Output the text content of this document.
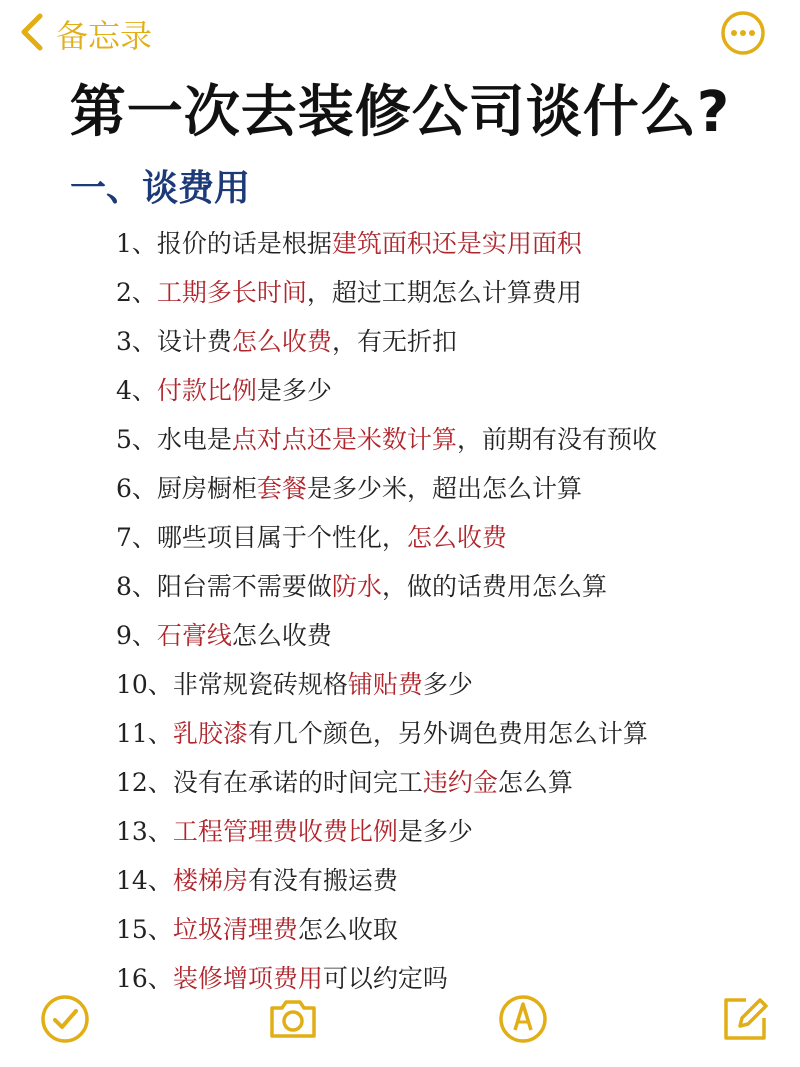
备忘录
第一次去装修公司谈什么?
一、谈费用
1、报价的话是根据建筑面积还是实用面积
2、工期多长时间，超过工期怎么计算费用
3、设计费怎么收费，有无折扣
4、付款比例是多少
5、水电是点对点还是米数计算，前期有没有预收
6、厨房橱柜套餐是多少米，超出怎么计算
7、哪些项目属于个性化，怎么收费
8、阳台需不需要做防水，做的话费用怎么算
9、石膏线怎么收费
10、非常规瓷砖规格铺贴费多少
11、乳胶漆有几个颜色，另外调色费用怎么计算
12、没有在承诺的时间完工违约金怎么算
13、工程管理费收费比例是多少
14、楼梯房有没有搬运费
15、垃圾清理费怎么收取
16、装修增项费用可以约定吗
